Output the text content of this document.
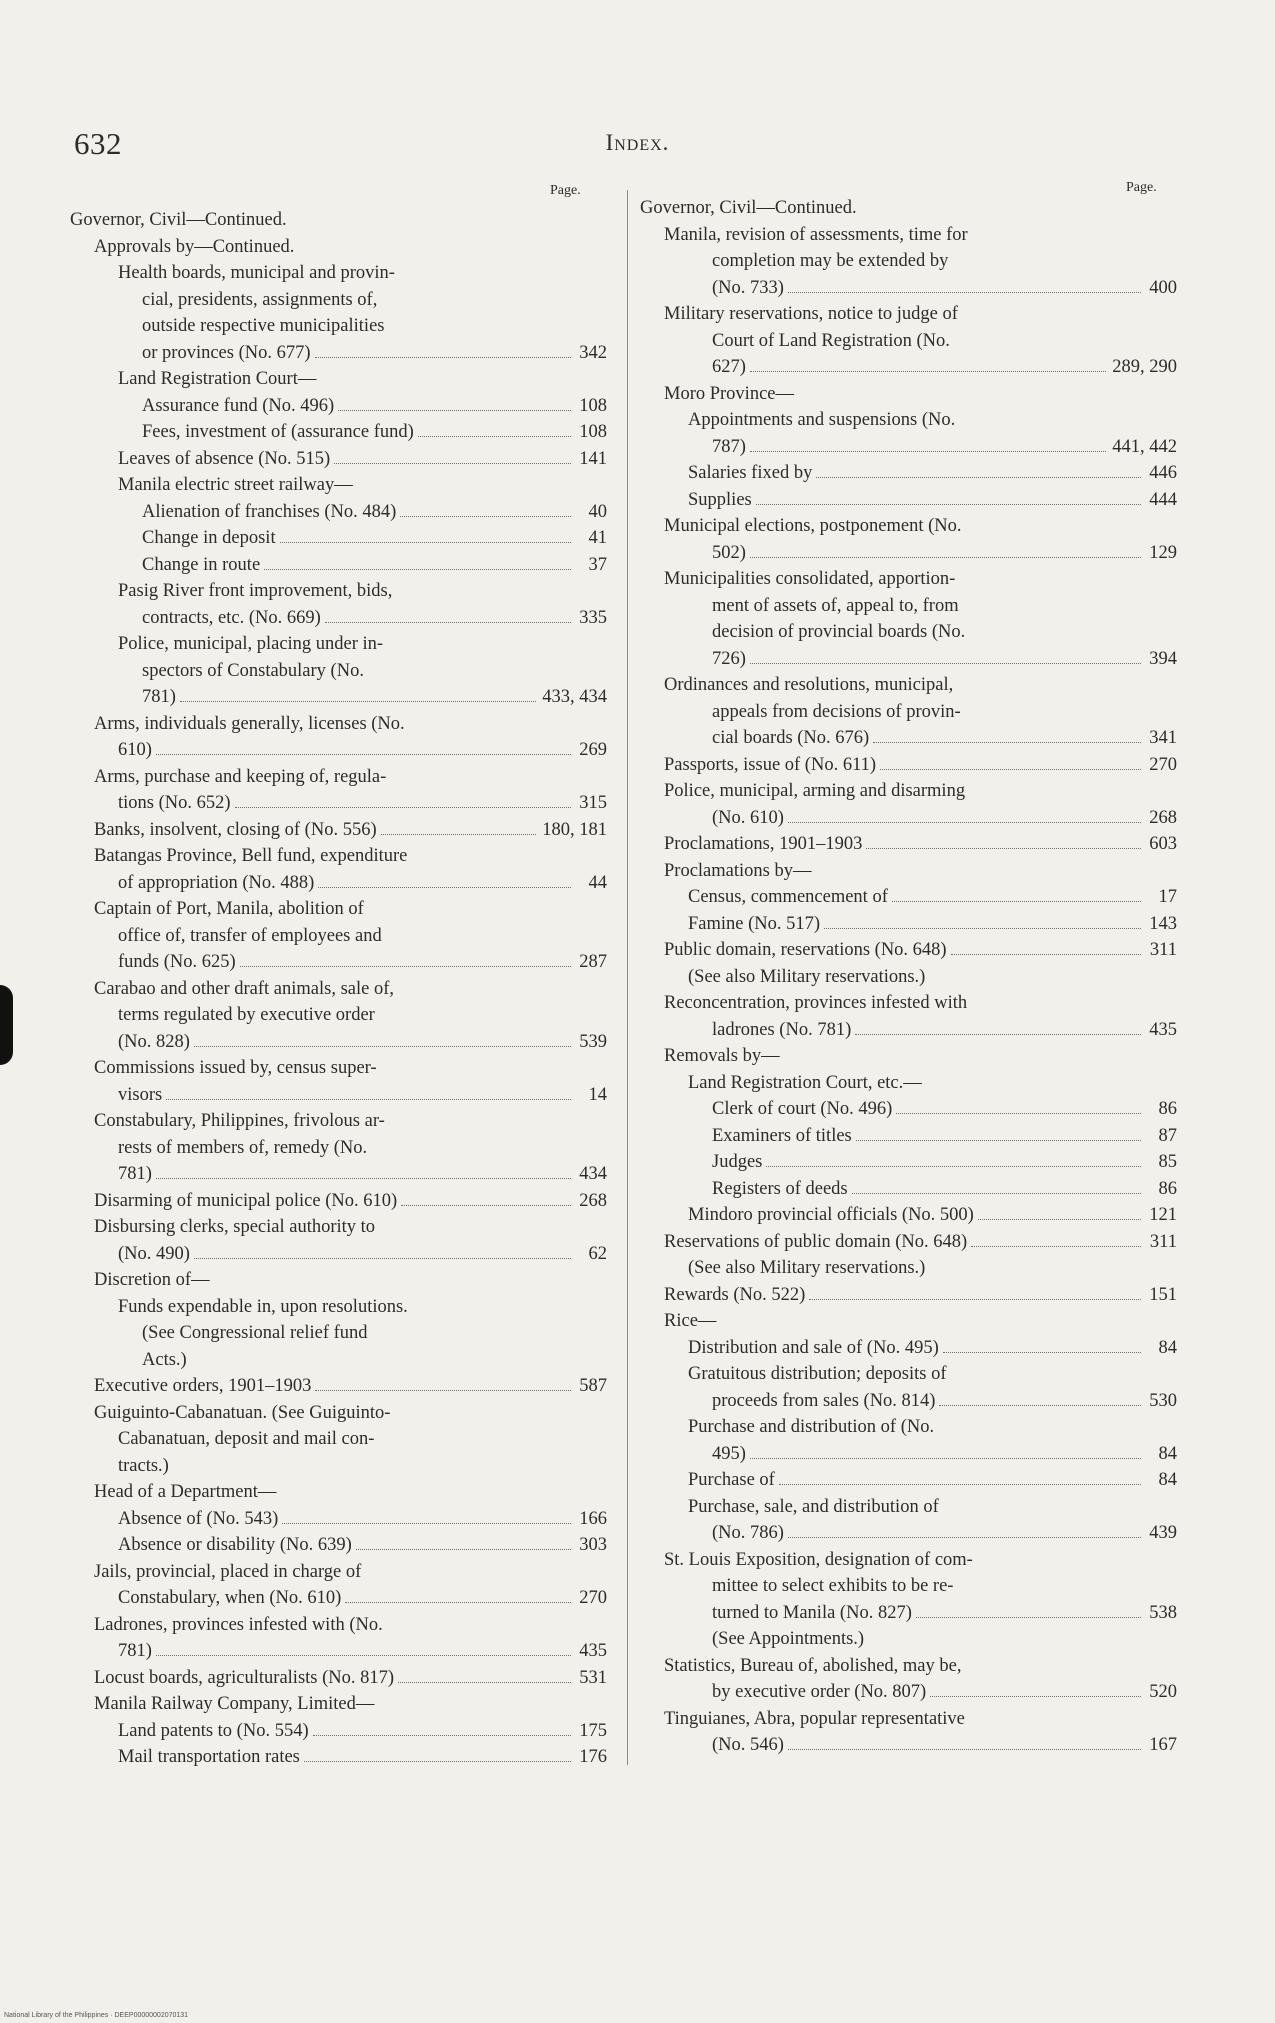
632	Index.
Page.	Page.
Governor, Civil—Continued.
Approvals by—Continued.
Health boards, municipal and provin-
cial, presidents, assignments of,
outside respective municipalities
or provinces (No. 677)	342
Land Registration Court—
Assurance fund (No. 496)	108
Fees, investment of (assurance fund)	108
Leaves of absence (No. 515)	141
Manila electric street railway—
Alienation of franchises (No. 484)	40
Change in deposit	41
Change in route	37
Pasig River front improvement, bids,
contracts, etc. (No. 669)	335
Police, municipal, placing under in-
spectors of Constabulary (No.
781)	433, 434
Arms, individuals generally, licenses (No.
610)	269
Arms, purchase and keeping of, regula-
tions (No. 652)	315
Banks, insolvent, closing of (No. 556)	180, 181
Batangas Province, Bell fund, expenditure
of appropriation (No. 488)	44
Captain of Port, Manila, abolition of
office of, transfer of employees and
funds (No. 625)	287
Carabao and other draft animals, sale of,
terms regulated by executive order
(No. 828)	539
Commissions issued by, census super-
visors	14
Constabulary, Philippines, frivolous ar-
rests of members of, remedy (No.
781)	434
Disarming of municipal police (No. 610)	268
Disbursing clerks, special authority to
(No. 490)	62
Discretion of—
Funds expendable in, upon resolutions.
(See Congressional relief fund
Acts.)
Executive orders, 1901–1903	587
Guiguinto-Cabanatuan. (See Guiguinto-
Cabanatuan, deposit and mail con-
tracts.)
Head of a Department—
Absence of (No. 543)	166
Absence or disability (No. 639)	303
Jails, provincial, placed in charge of
Constabulary, when (No. 610)	270
Ladrones, provinces infested with (No.
781)	435
Locust boards, agriculturalists (No. 817)	531
Manila Railway Company, Limited—
Land patents to (No. 554)	175
Mail transportation rates	176
Governor, Civil—Continued.
Manila, revision of assessments, time for
completion may be extended by
(No. 733)	400
Military reservations, notice to judge of
Court of Land Registration (No.
627)	289, 290
Moro Province—
Appointments and suspensions (No.
787)	441, 442
Salaries fixed by	446
Supplies	444
Municipal elections, postponement (No.
502)	129
Municipalities consolidated, apportion-
ment of assets of, appeal to, from
decision of provincial boards (No.
726)	394
Ordinances and resolutions, municipal,
appeals from decisions of provin-
cial boards (No. 676)	341
Passports, issue of (No. 611)	270
Police, municipal, arming and disarming
(No. 610)	268
Proclamations, 1901–1903	603
Proclamations by—
Census, commencement of	17
Famine (No. 517)	143
Public domain, reservations (No. 648)	311
(See also Military reservations.)
Reconcentration, provinces infested with
ladrones (No. 781)	435
Removals by—
Land Registration Court, etc.—
Clerk of court (No. 496)	86
Examiners of titles	87
Judges	85
Registers of deeds	86
Mindoro provincial officials (No. 500)	121
Reservations of public domain (No. 648)	311
(See also Military reservations.)
Rewards (No. 522)	151
Rice—
Distribution and sale of (No. 495)	84
Gratuitous distribution; deposits of
proceeds from sales (No. 814)	530
Purchase and distribution of (No.
495)	84
Purchase of	84
Purchase, sale, and distribution of
(No. 786)	439
St. Louis Exposition, designation of com-
mittee to select exhibits to be re-
turned to Manila (No. 827)	538
(See Appointments.)
Statistics, Bureau of, abolished, may be,
by executive order (No. 807)	520
Tinguianes, Abra, popular representative
(No. 546)	167
National Library of the Philippines · DEEP00000002070131
